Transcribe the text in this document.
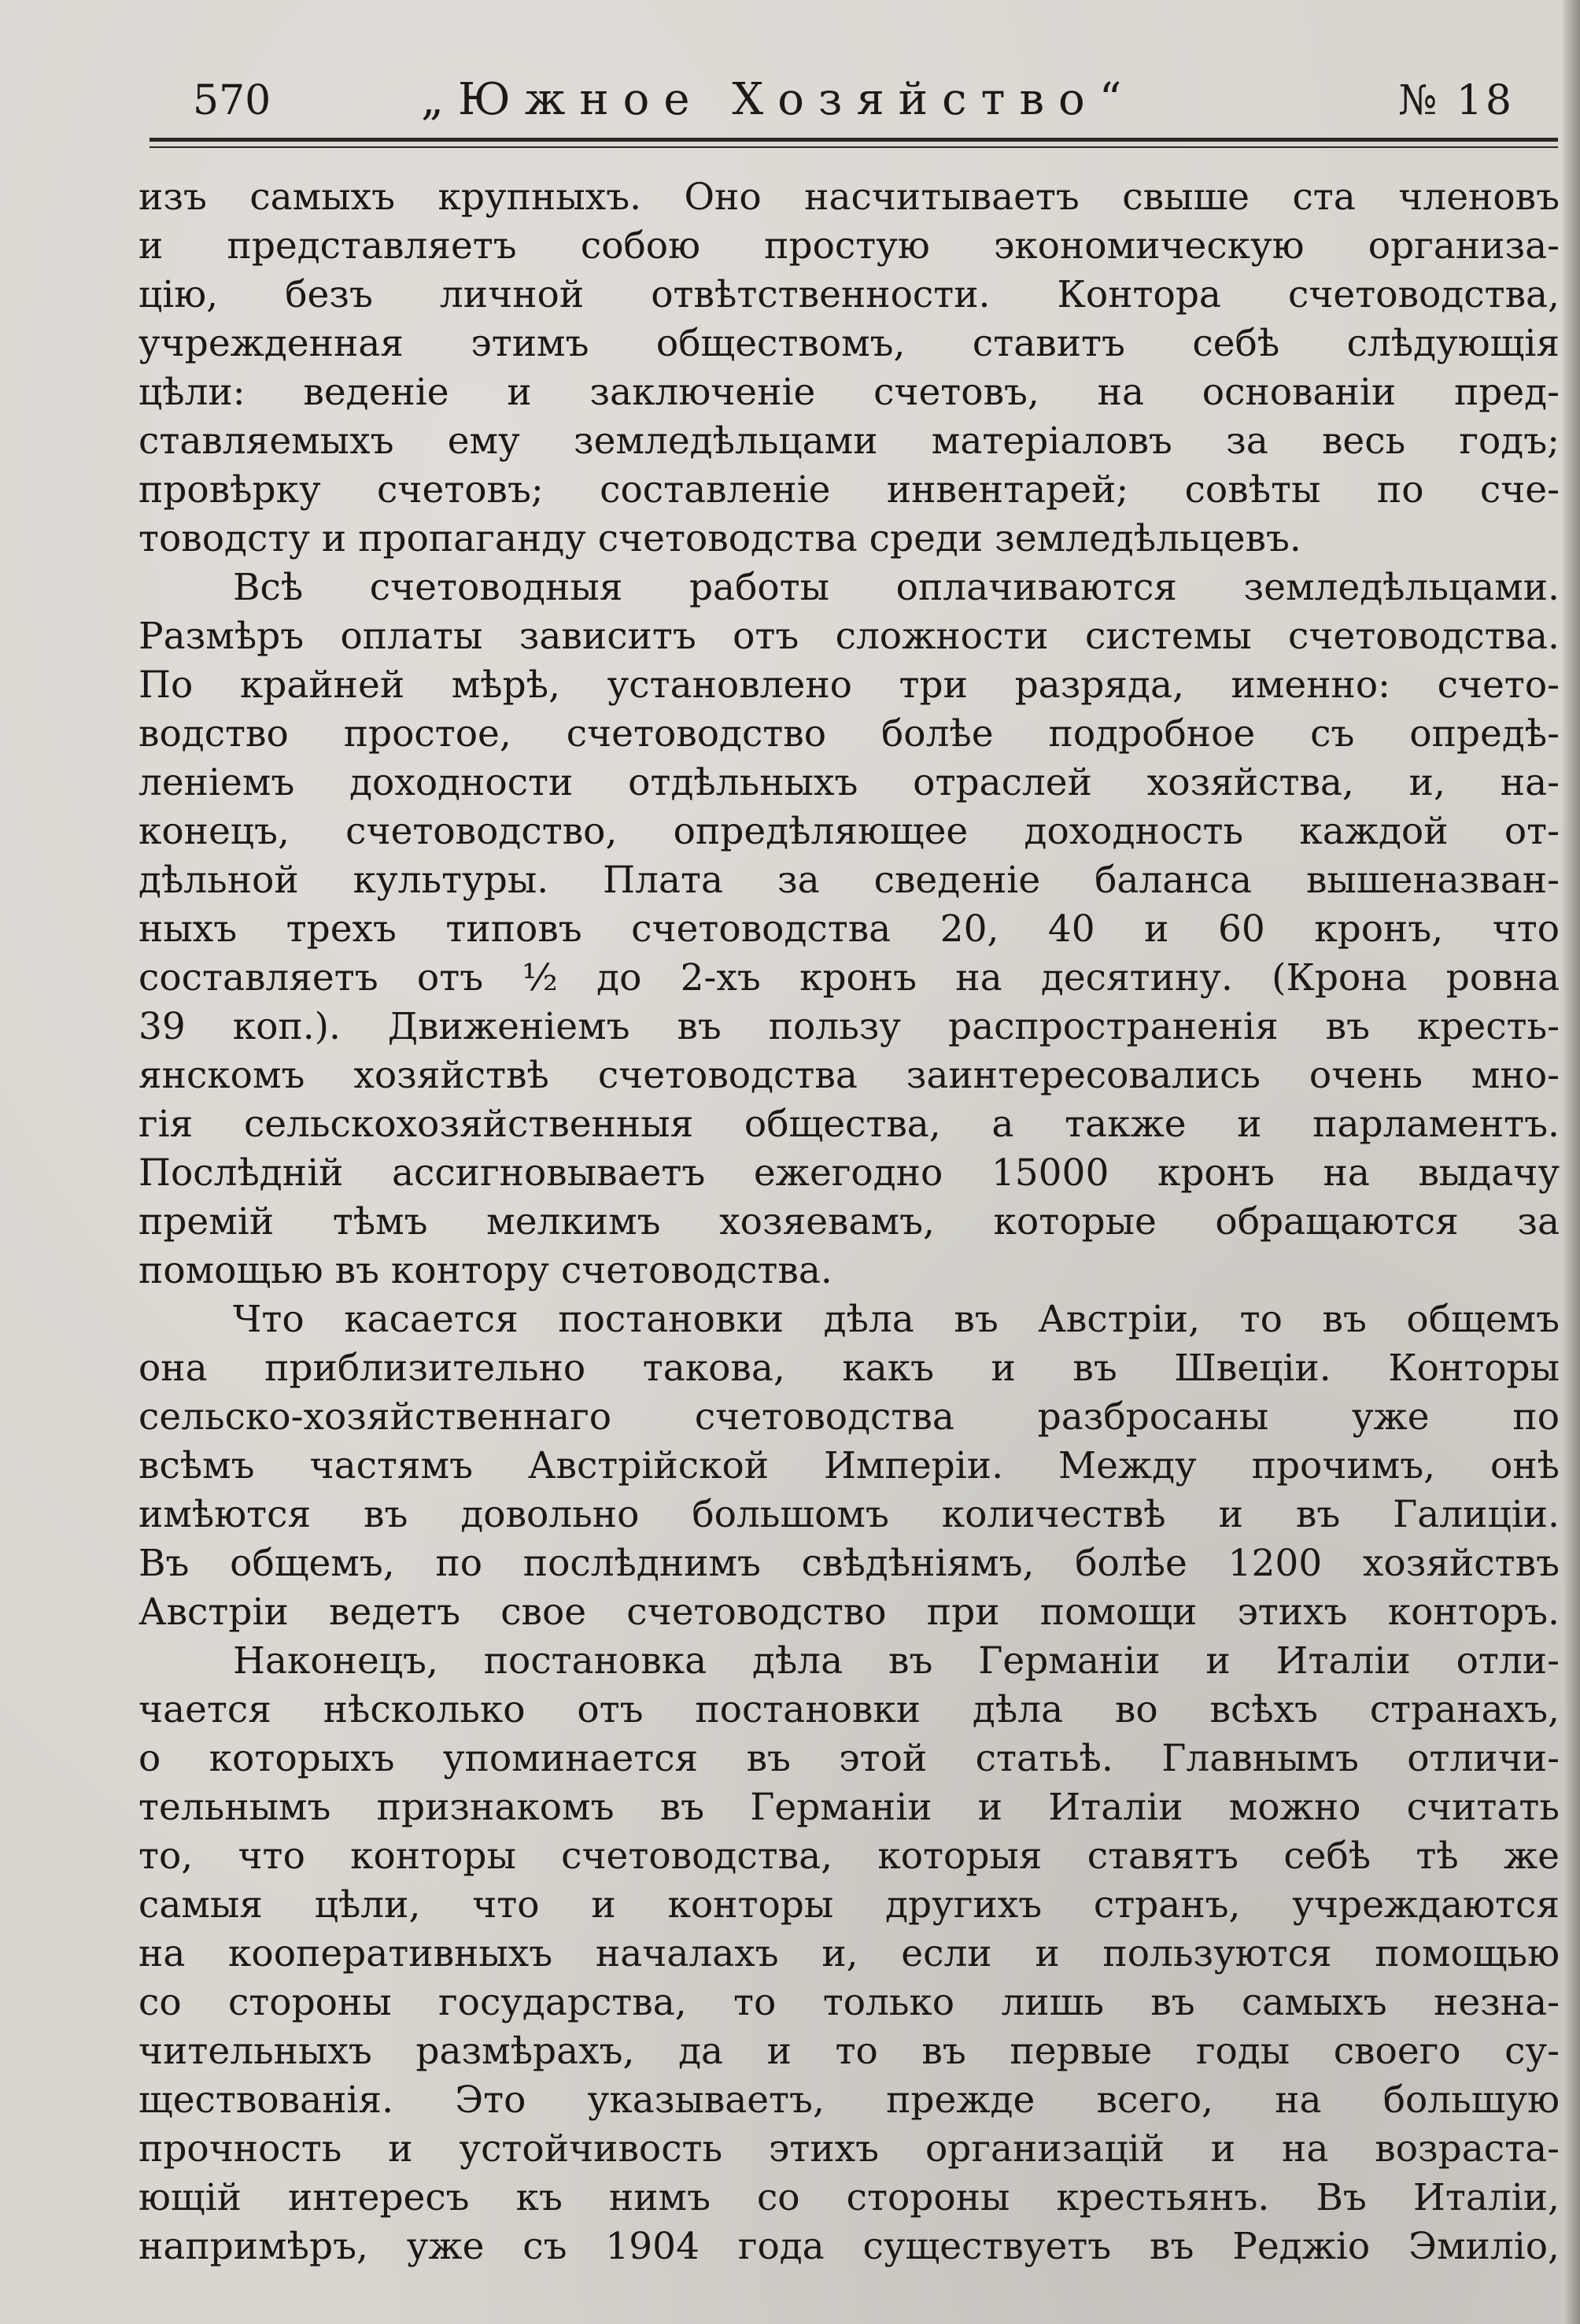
570	„Южное Хозяйство“	№ 18
изъ самыхъ крупныхъ. Оно насчитываетъ свыше ста членовъ
и представляетъ собою простую экономическую организа-
цію, безъ личной отвѣтственности. Контора счетоводства,
учрежденная этимъ обществомъ, ставитъ себѣ слѣдующія
цѣли: веденіе и заключеніе счетовъ, на основаніи пред-
ставляемыхъ ему земледѣльцами матеріаловъ за весь годъ;
провѣрку счетовъ; составленіе инвентарей; совѣты по сче-
товодсту и пропаганду счетоводства среди земледѣльцевъ.
Всѣ счетоводныя работы оплачиваются земледѣльцами.
Размѣръ оплаты зависитъ отъ сложности системы счетоводства.
По крайней мѣрѣ, установлено три разряда, именно: счето-
водство простое, счетоводство болѣе подробное съ опредѣ-
леніемъ доходности отдѣльныхъ отраслей хозяйства, и, на-
конецъ, счетоводство, опредѣляющее доходность каждой от-
дѣльной культуры. Плата за сведеніе баланса вышеназван-
ныхъ трехъ типовъ счетоводства 20, 40 и 60 кронъ, что
составляетъ отъ ½ до 2-хъ кронъ на десятину. (Крона ровна
39 коп.). Движеніемъ въ пользу распространенія въ кресть-
янскомъ хозяйствѣ счетоводства заинтересовались очень мно-
гія сельскохозяйственныя общества, а также и парламентъ.
Послѣдній ассигновываетъ ежегодно 15000 кронъ на выдачу
премій тѣмъ мелкимъ хозяевамъ, которые обращаются за
помощью въ контору счетоводства.
Что касается постановки дѣла въ Австріи, то въ общемъ
она приблизительно такова, какъ и въ Швеціи. Конторы
сельско-хозяйственнаго счетоводства разбросаны уже по
всѣмъ частямъ Австрійской Имперіи. Между прочимъ, онѣ
имѣются въ довольно большомъ количествѣ и въ Галиціи.
Въ общемъ, по послѣднимъ свѣдѣніямъ, болѣе 1200 хозяйствъ
Австріи ведетъ свое счетоводство при помощи этихъ конторъ.
Наконецъ, постановка дѣла въ Германіи и Италіи отли-
чается нѣсколько отъ постановки дѣла во всѣхъ странахъ,
о которыхъ упоминается въ этой статьѣ. Главнымъ отличи-
тельнымъ признакомъ въ Германіи и Италіи можно считать
то, что конторы счетоводства, которыя ставятъ себѣ тѣ же
самыя цѣли, что и конторы другихъ странъ, учреждаются
на кооперативныхъ началахъ и, если и пользуются помощью
со стороны государства, то только лишь въ самыхъ незна-
чительныхъ размѣрахъ, да и то въ первые годы своего су-
ществованія. Это указываетъ, прежде всего, на большую
прочность и устойчивость этихъ организацій и на возраста-
ющій интересъ къ нимъ со стороны крестьянъ. Въ Италіи,
напримѣръ, уже съ 1904 года существуетъ въ Реджіо Эмиліо,
